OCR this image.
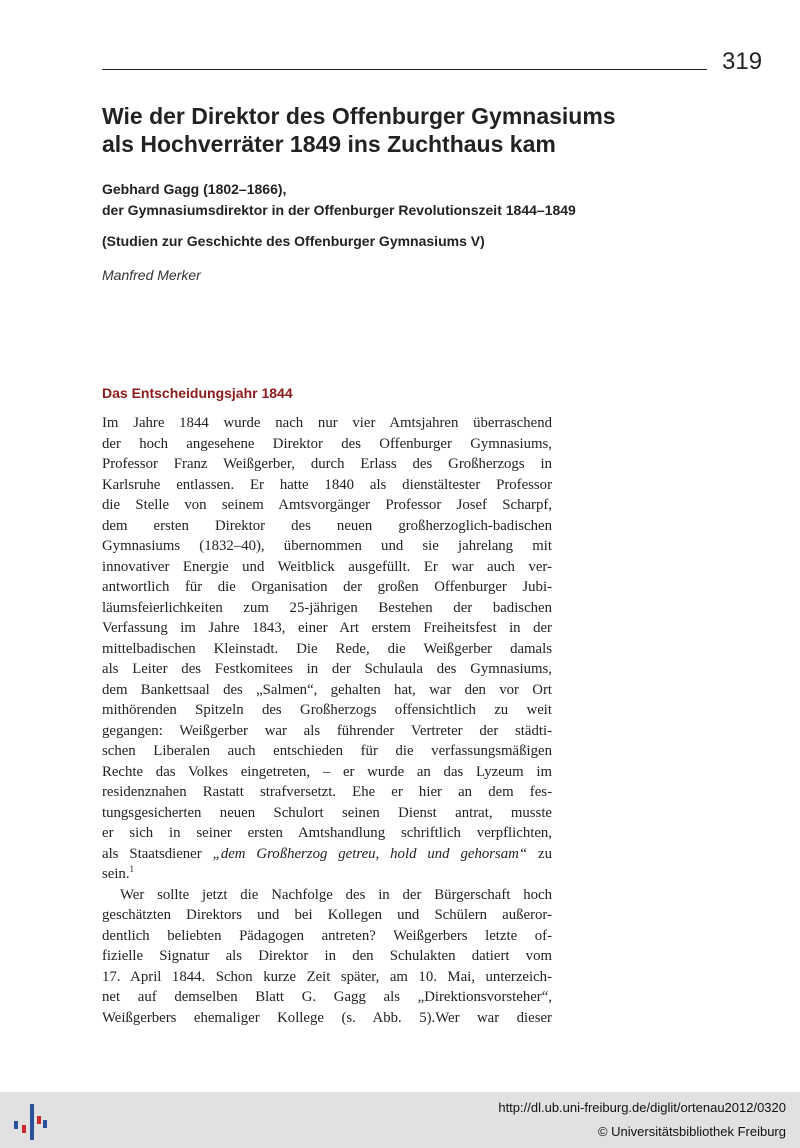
319
Wie der Direktor des Offenburger Gymnasiums
als Hochverräter 1849 ins Zuchthaus kam
Gebhard Gagg (1802–1866),
der Gymnasiumsdirektor in der Offenburger Revolutionszeit 1844–1849
(Studien zur Geschichte des Offenburger Gymnasiums V)
Manfred Merker
Das Entscheidungsjahr 1844
Im Jahre 1844 wurde nach nur vier Amtsjahren überraschend
der hoch angesehene Direktor des Offenburger Gymnasiums,
Professor Franz Weißgerber, durch Erlass des Großherzogs in
Karlsruhe entlassen. Er hatte 1840 als dienstältester Professor
die Stelle von seinem Amtsvorgänger Professor Josef Scharpf,
dem ersten Direktor des neuen großherzoglich-badischen
Gymnasiums (1832–40), übernommen und sie jahrelang mit
innovativer Energie und Weitblick ausgefüllt. Er war auch ver-
antwortlich für die Organisation der großen Offenburger Jubi-
läumsfeierlichkeiten zum 25-jährigen Bestehen der badischen
Verfassung im Jahre 1843, einer Art erstem Freiheitsfest in der
mittelbadischen Kleinstadt. Die Rede, die Weißgerber damals
als Leiter des Festkomitees in der Schulaula des Gymnasiums,
dem Bankettsaal des „Salmen“, gehalten hat, war den vor Ort
mithörenden Spitzeln des Großherzogs offensichtlich zu weit
gegangen: Weißgerber war als führender Vertreter der städti-
schen Liberalen auch entschieden für die verfassungsmäßigen
Rechte das Volkes eingetreten, – er wurde an das Lyzeum im
residenznahen Rastatt strafversetzt. Ehe er hier an dem fes-
tungsgesicherten neuen Schulort seinen Dienst antrat, musste
er sich in seiner ersten Amtshandlung schriftlich verpflichten,
als Staatsdiener „dem Großherzog getreu, hold und gehorsam“ zu
sein.$^1$
Wer sollte jetzt die Nachfolge des in der Bürgerschaft hoch
geschätzten Direktors und bei Kollegen und Schülern außeror-
dentlich beliebten Pädagogen antreten? Weißgerbers letzte of-
fizielle Signatur als Direktor in den Schulakten datiert vom
17. April 1844. Schon kurze Zeit später, am 10. Mai, unterzeich-
net auf demselben Blatt G. Gagg als „Direktionsvorsteher“,
Weißgerbers ehemaliger Kollege (s. Abb. 5).Wer war dieser
http://dl.ub.uni-freiburg.de/diglit/ortenau2012/0320
© Universitätsbibliothek Freiburg
